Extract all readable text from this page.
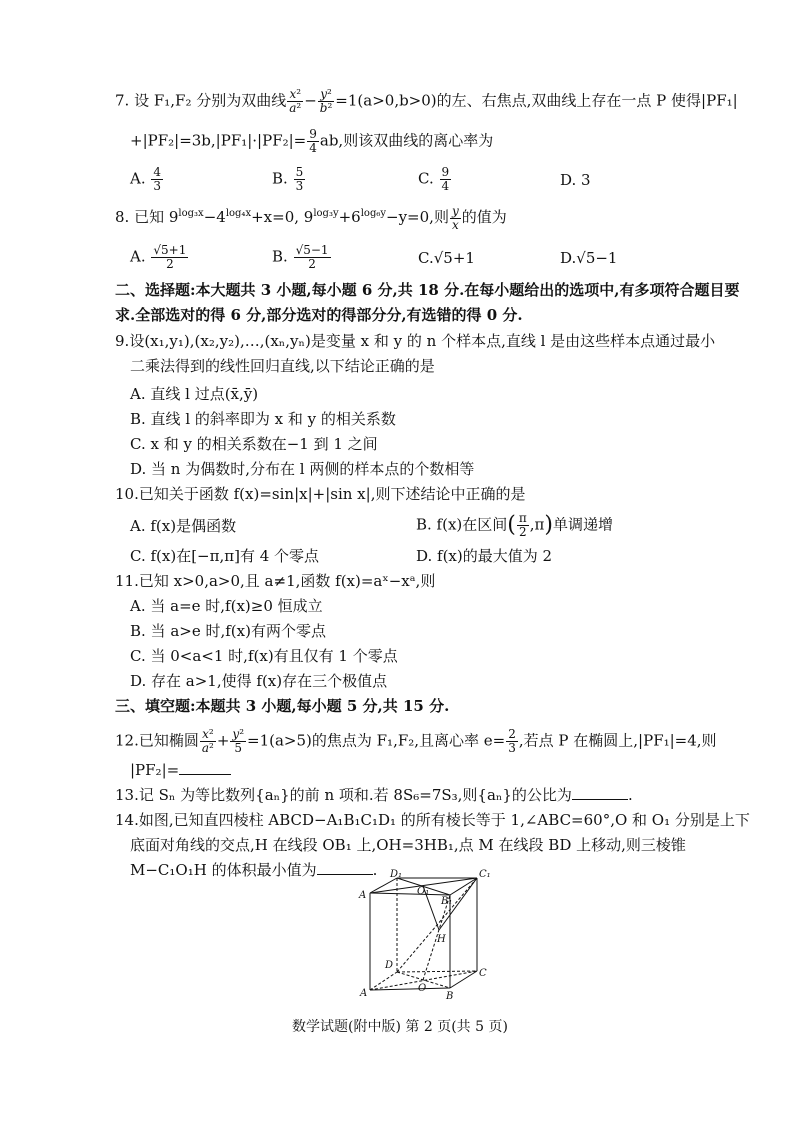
7. 设 F₁,F₂ 分别为双曲线 $\frac{\text{x²}}{\text{a²}} - \frac{\text{y²}}{\text{b²}} =1(a>0,b>0)$的左、右焦点,双曲线上存在一点 P 使得|PF₁|
$+|PF_2|=3b,|PF_1|\cdot|PF_2|= \frac{9}{4}$ ab,则该双曲线的离心率为
A. $\frac{4}{3}$	B. $\frac{5}{3}$	C. $\frac{9}{4}$	D. 3
8. 已知 $9^{log_3x}-4^{log_4x}+x=0$, $9^{log_3y}+6^{log_6y}-y=0$,则 $\frac{y}{x}$ 的值为
A. $\frac{√5+1}{2}$	B. $\frac{√5-1}{2}$	C.√5+1	D.√5−1
二、选择题:本大题共 3 小题,每小题 6 分,共 18 分.在每小题给出的选项中,有多项符合题目要
求.全部选对的得 6 分,部分选对的得部分分,有选错的得 0 分.
9.设(x₁,y₁),(x₂,y₂),…,(xₙ,yₙ)是变量 x 和 y 的 n 个样本点,直线 l 是由这些样本点通过最小
二乘法得到的线性回归直线,以下结论正确的是
A. 直线 l 过点(x̄,ȳ)
B. 直线 l 的斜率即为 x 和 y 的相关系数
C. x 和 y 的相关系数在−1 到 1 之间
D. 当 n 为偶数时,分布在 l 两侧的样本点的个数相等
10.已知关于函数 f(x)=sin|x|+|sin x|,则下述结论中正确的是
A. f(x)是偶函数	B. f(x)在区间( $\frac{\pi}{2} ,\pi$)单调递增
C. f(x)在[−π,π]有 4 个零点	D. f(x)的最大值为 2
11.已知 x>0,a>0,且 a≠1,函数 f(x)=aˣ−xᵃ,则
A. 当 a=e 时,f(x)≥0 恒成立
B. 当 a>e 时,f(x)有两个零点
C. 当 0<a<1 时,f(x)有且仅有 1 个零点
D. 存在 a>1,使得 f(x)存在三个极值点
三、填空题:本题共 3 小题,每小题 5 分,共 15 分.
12.已知椭圆 $\frac{\text{x²}}{\text{a²}} + \frac{\text{y²}}{5} =1(a>5)$的焦点为 F₁,F₂,且离心率 $e= \frac{2}{3}$ ,若点 P 在椭圆上,|PF₁|=4,则
|PF₂|=
13.记 Sₙ 为等比数列{aₙ}的前 n 项和.若 8S₆=7S₃,则{aₙ}的公比为	.
14.如图,已知直四棱柱 ABCD−A₁B₁C₁D₁ 的所有棱长等于 1,∠ABC=60°,O 和 O₁ 分别是上下
底面对角线的交点,H 在线段 OB₁ 上,OH=3HB₁,点 M 在线段 BD 上移动,则三棱锥
M−C₁O₁H 的体积最小值为	. D₁	C₁
A	O₁
B₁
H
D
C
A	O
B
数学试题(附中版) 第 2 页(共 5 页)
